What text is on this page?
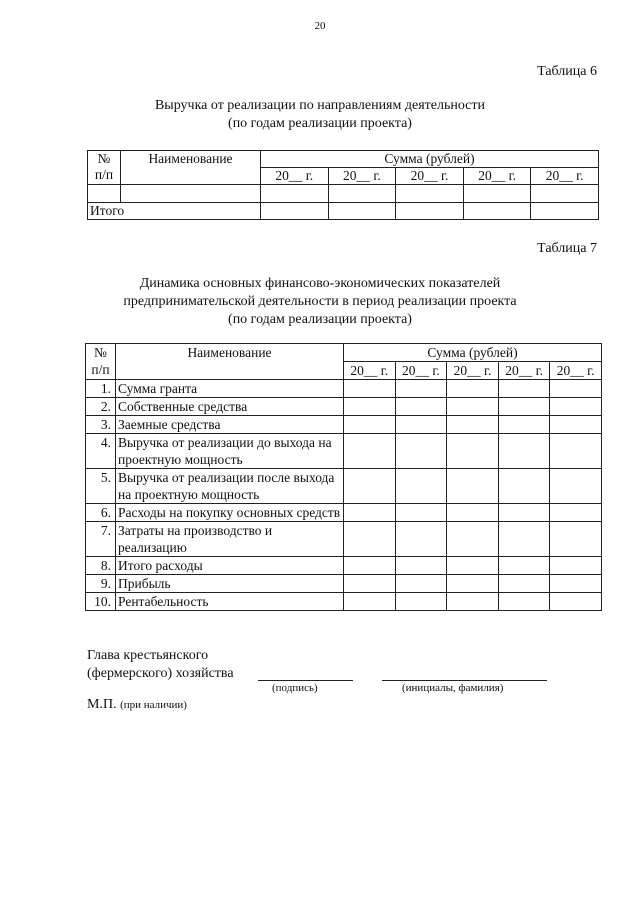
20
Таблица 6
Выручка от реализации по направлениям деятельности
(по годам реализации проекта)
№
п/п	Наименование	Сумма (рублей)				
		20__ г.	20__ г.	20__ г.	20__ г.	20__ г.

Итого						
Таблица 7
Динамика основных финансово-экономических показателей
предпринимательской деятельности в период реализации проекта
(по годам реализации проекта)
№
п/п	Наименование	Сумма (рублей)				
		20__ г.	20__ г.	20__ г.	20__ г.	20__ г.
1.	Сумма гранта					
2.	Собственные средства					
3.	Заемные средства					
4.	Выручка от реализации до выхода на проектную мощность					
5.	Выручка от реализации после выхода на проектную мощность					
6.	Расходы на покупку основных средств					
7.	Затраты на производство и реализацию					
8.	Итого расходы					
9.	Прибыль					
10.	Рентабельность					
Глава крестьянского
(фермерского) хозяйства
(подпись)	(инициалы, фамилия)
М.П. (при наличии)
